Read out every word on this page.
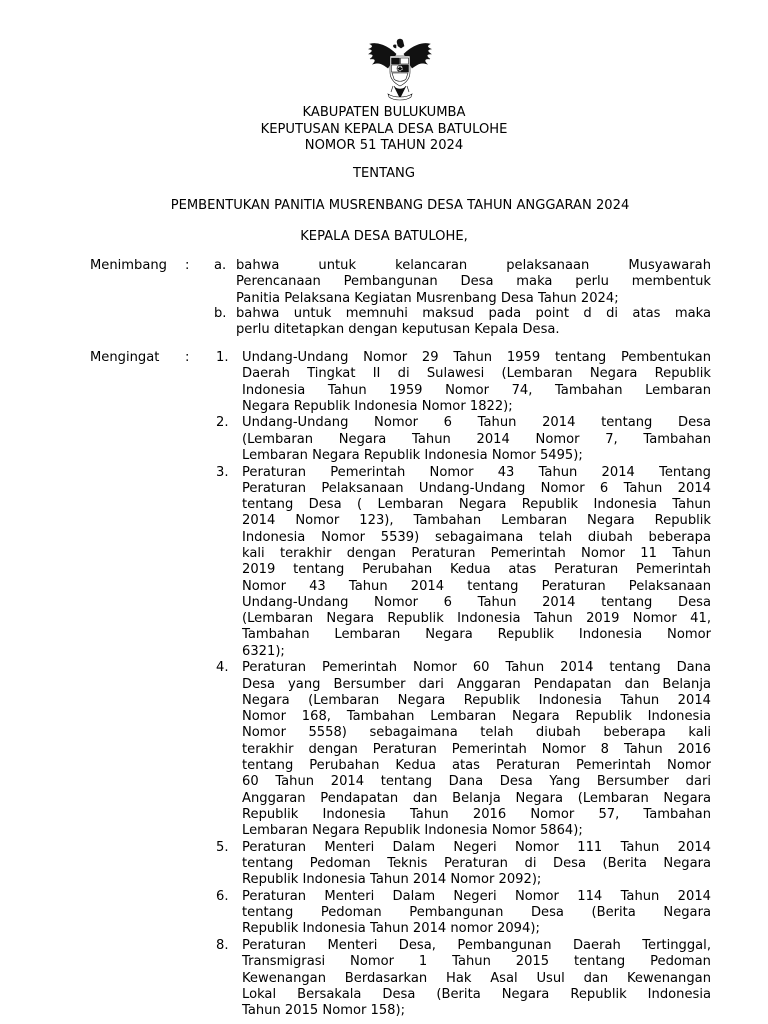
KABUPATEN BULUKUMBA
KEPUTUSAN KEPALA DESA BATULOHE
NOMOR 51 TAHUN 2024
TENTANG
PEMBENTUKAN PANITIA MUSRENBANG DESA TAHUN ANGGARAN 2024
KEPALA DESA BATULOHE,
Menimbang : a. bahwa untuk kelancaran pelaksanaan Musyawarah
Perencanaan Pembangunan Desa maka perlu membentuk
Panitia Pelaksana Kegiatan Musrenbang Desa Tahun 2024;
b. bahwa untuk memnuhi maksud pada point d di atas maka
perlu ditetapkan dengan keputusan Kepala Desa.
Mengingat : 1. Undang-Undang Nomor 29 Tahun 1959 tentang Pembentukan
Daerah Tingkat II di Sulawesi (Lembaran Negara Republik
Indonesia Tahun 1959 Nomor 74, Tambahan Lembaran
Negara Republik Indonesia Nomor 1822);
2. Undang-Undang Nomor 6 Tahun 2014 tentang Desa
(Lembaran Negara Tahun 2014 Nomor 7, Tambahan
Lembaran Negara Republik Indonesia Nomor 5495);
3. Peraturan Pemerintah Nomor 43 Tahun 2014 Tentang
Peraturan Pelaksanaan Undang-Undang Nomor 6 Tahun 2014
tentang Desa ( Lembaran Negara Republik Indonesia Tahun
2014 Nomor 123), Tambahan Lembaran Negara Republik
Indonesia Nomor 5539) sebagaimana telah diubah beberapa
kali terakhir dengan Peraturan Pemerintah Nomor 11 Tahun
2019 tentang Perubahan Kedua atas Peraturan Pemerintah
Nomor 43 Tahun 2014 tentang Peraturan Pelaksanaan
Undang-Undang Nomor 6 Tahun 2014 tentang Desa
(Lembaran Negara Republik Indonesia Tahun 2019 Nomor 41,
Tambahan Lembaran Negara Republik Indonesia Nomor
6321);
4. Peraturan Pemerintah Nomor 60 Tahun 2014 tentang Dana
Desa yang Bersumber dari Anggaran Pendapatan dan Belanja
Negara (Lembaran Negara Republik Indonesia Tahun 2014
Nomor 168, Tambahan Lembaran Negara Republik Indonesia
Nomor 5558) sebagaimana telah diubah beberapa kali
terakhir dengan Peraturan Pemerintah Nomor 8 Tahun 2016
tentang Perubahan Kedua atas Peraturan Pemerintah Nomor
60 Tahun 2014 tentang Dana Desa Yang Bersumber dari
Anggaran Pendapatan dan Belanja Negara (Lembaran Negara
Republik Indonesia Tahun 2016 Nomor 57, Tambahan
Lembaran Negara Republik Indonesia Nomor 5864);
5. Peraturan Menteri Dalam Negeri Nomor 111 Tahun 2014
tentang Pedoman Teknis Peraturan di Desa (Berita Negara
Republik Indonesia Tahun 2014 Nomor 2092);
6. Peraturan Menteri Dalam Negeri Nomor 114 Tahun 2014
tentang Pedoman Pembangunan Desa (Berita Negara
Republik Indonesia Tahun 2014 nomor 2094);
8. Peraturan Menteri Desa, Pembangunan Daerah Tertinggal,
Transmigrasi Nomor 1 Tahun 2015 tentang Pedoman
Kewenangan Berdasarkan Hak Asal Usul dan Kewenangan
Lokal Bersakala Desa (Berita Negara Republik Indonesia
Tahun 2015 Nomor 158);
